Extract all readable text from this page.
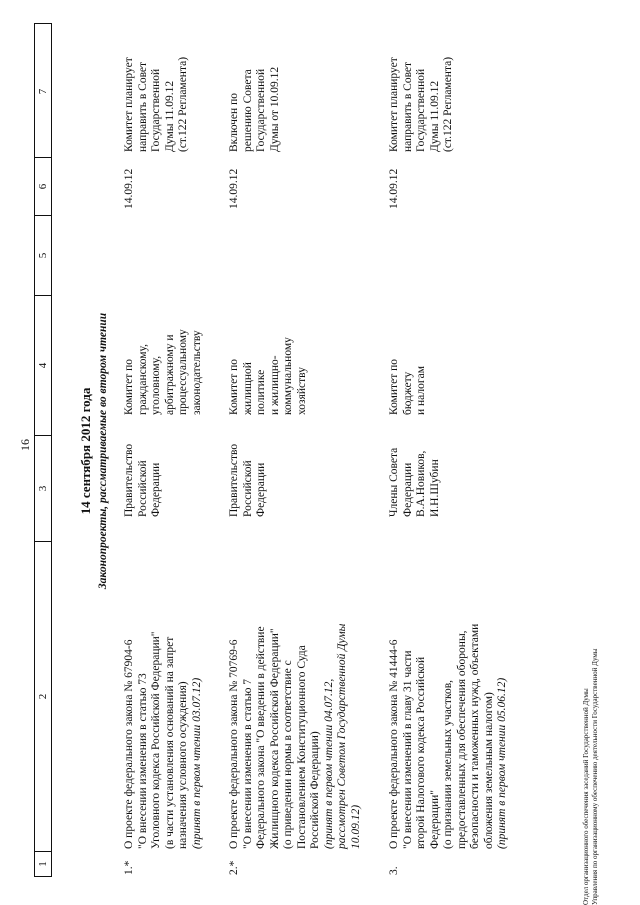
16
1
2
3
4
5
6
7
14 сентября 2012 года Законопроекты, рассматриваемые во втором чтении
1.*
О проекте федерального закона № 67904-6 "О внесении изменения в статью 73 Уголовного кодекса Российской Федерации" (в части установления оснований на запрет назначения условного осуждения) (принят в первом чтении 03.07.12)
Правительство Российской Федерации
Комитет по гражданскому, уголовному, арбитражному и процессуальному законодательству
14.09.12
Комитет планирует направить в Совет Государственной Думы 11.09.12 (ст.122 Регламента)
2.*
О проекте федерального закона № 70769-6 "О внесении изменения в статью 7 Федерального закона "О введении в действие Жилищного кодекса Российской Федерации" (о приведении нормы в соответствие с Постановлением Конституционного Суда Российской Федерации) (принят в первом чтении 04.07.12, рассмотрен Советом Государственной Думы 10.09.12)
Правительство Российской Федерации
Комитет по жилищной политике и жилищно- коммунальному хозяйству
14.09.12
Включен по решению Совета Государственной Думы от 10.09.12
3.
О проекте федерального закона № 41444-6 "О внесении изменений в главу 31 части второй Налогового кодекса Российской Федерации" (о признании земельных участков, предоставленных для обеспечения обороны, безопасности и таможенных нужд, объектами обложения земельным налогом) (принят в первом чтении 05.06.12)
Члены Совета Федерации В.А.Новиков, И.Н.Шубин
Комитет по бюджету и налогам
14.09.12
Комитет планирует направить в Совет Государственной Думы 11.09.12 (ст.122 Регламента)
Отдел организационного обеспечения заседаний Государственной Думы Управления по организационному обеспечению деятельности Государственной Думы
